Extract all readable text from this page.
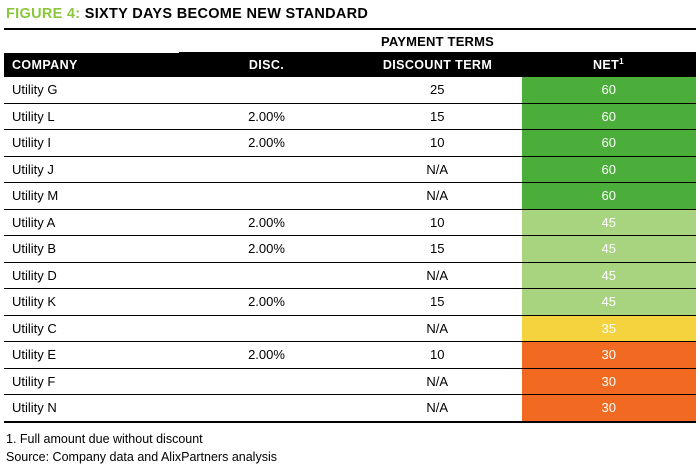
FIGURE 4: SIXTY DAYS BECOME NEW STANDARD
	PAYMENT TERMS		
COMPANY	DISC.	DISCOUNT TERM	NET$^1$
Utility G		25	60
Utility L	2.00%	15	60
Utility I	2.00%	10	60
Utility J		N/A	60
Utility M		N/A	60
Utility A	2.00%	10	45
Utility B	2.00%	15	45
Utility D		N/A	45
Utility K	2.00%	15	45
Utility C		N/A	35
Utility E	2.00%	10	30
Utility F		N/A	30
Utility N		N/A	30
1. Full amount due without discount
Source: Company data and AlixPartners analysis
